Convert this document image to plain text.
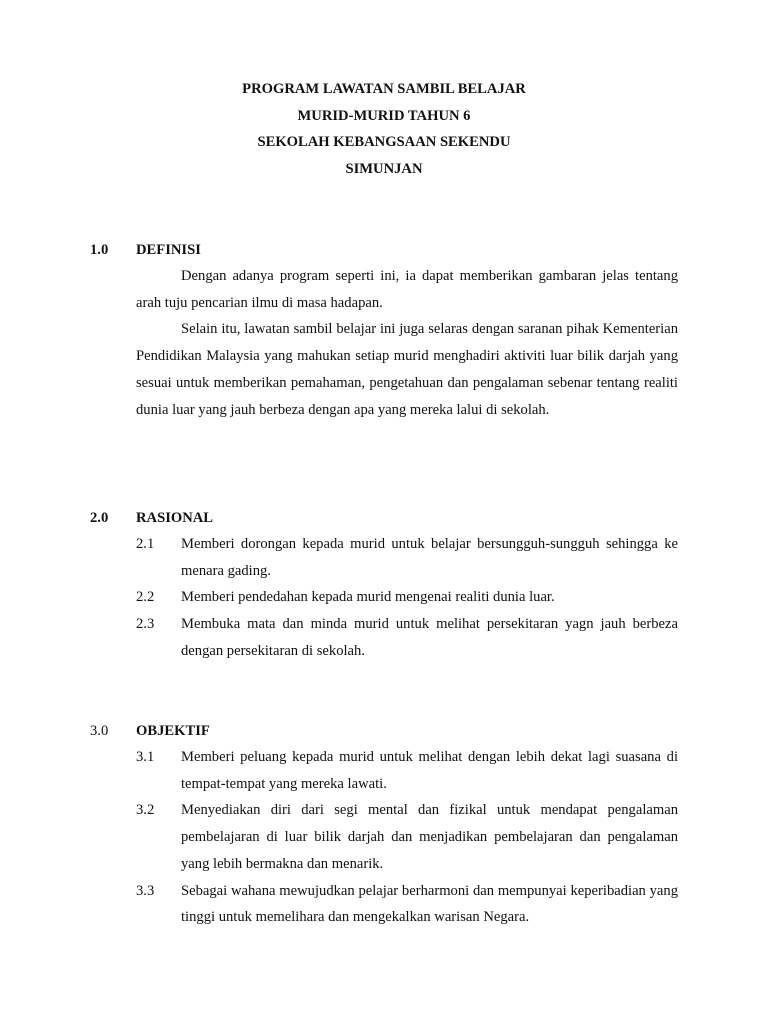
PROGRAM LAWATAN SAMBIL BELAJAR
MURID-MURID TAHUN 6
SEKOLAH KEBANGSAAN SEKENDU
SIMUNJAN
1.0 DEFINISI
Dengan adanya program seperti ini, ia dapat memberikan gambaran jelas tentang arah tuju pencarian ilmu di masa hadapan.
Selain itu, lawatan sambil belajar ini juga selaras dengan saranan pihak Kementerian Pendidikan Malaysia yang mahukan setiap murid menghadiri aktiviti luar bilik darjah yang sesuai untuk memberikan pemahaman, pengetahuan dan pengalaman sebenar tentang realiti dunia luar yang jauh berbeza dengan apa yang mereka lalui di sekolah.
2.0 RASIONAL
2.1 Memberi dorongan kepada murid untuk belajar bersungguh-sungguh sehingga ke menara gading.
2.2 Memberi pendedahan kepada murid mengenai realiti dunia luar.
2.3 Membuka mata dan minda murid untuk melihat persekitaran yagn jauh berbeza dengan persekitaran di sekolah.
3.0 OBJEKTIF
3.1 Memberi peluang kepada murid untuk melihat dengan lebih dekat lagi suasana di tempat-tempat yang mereka lawati.
3.2 Menyediakan diri dari segi mental dan fizikal untuk mendapat pengalaman pembelajaran di luar bilik darjah dan menjadikan pembelajaran dan pengalaman yang lebih bermakna dan menarik.
3.3 Sebagai wahana mewujudkan pelajar berharmoni dan mempunyai keperibadian yang tinggi untuk memelihara dan mengekalkan warisan Negara.
